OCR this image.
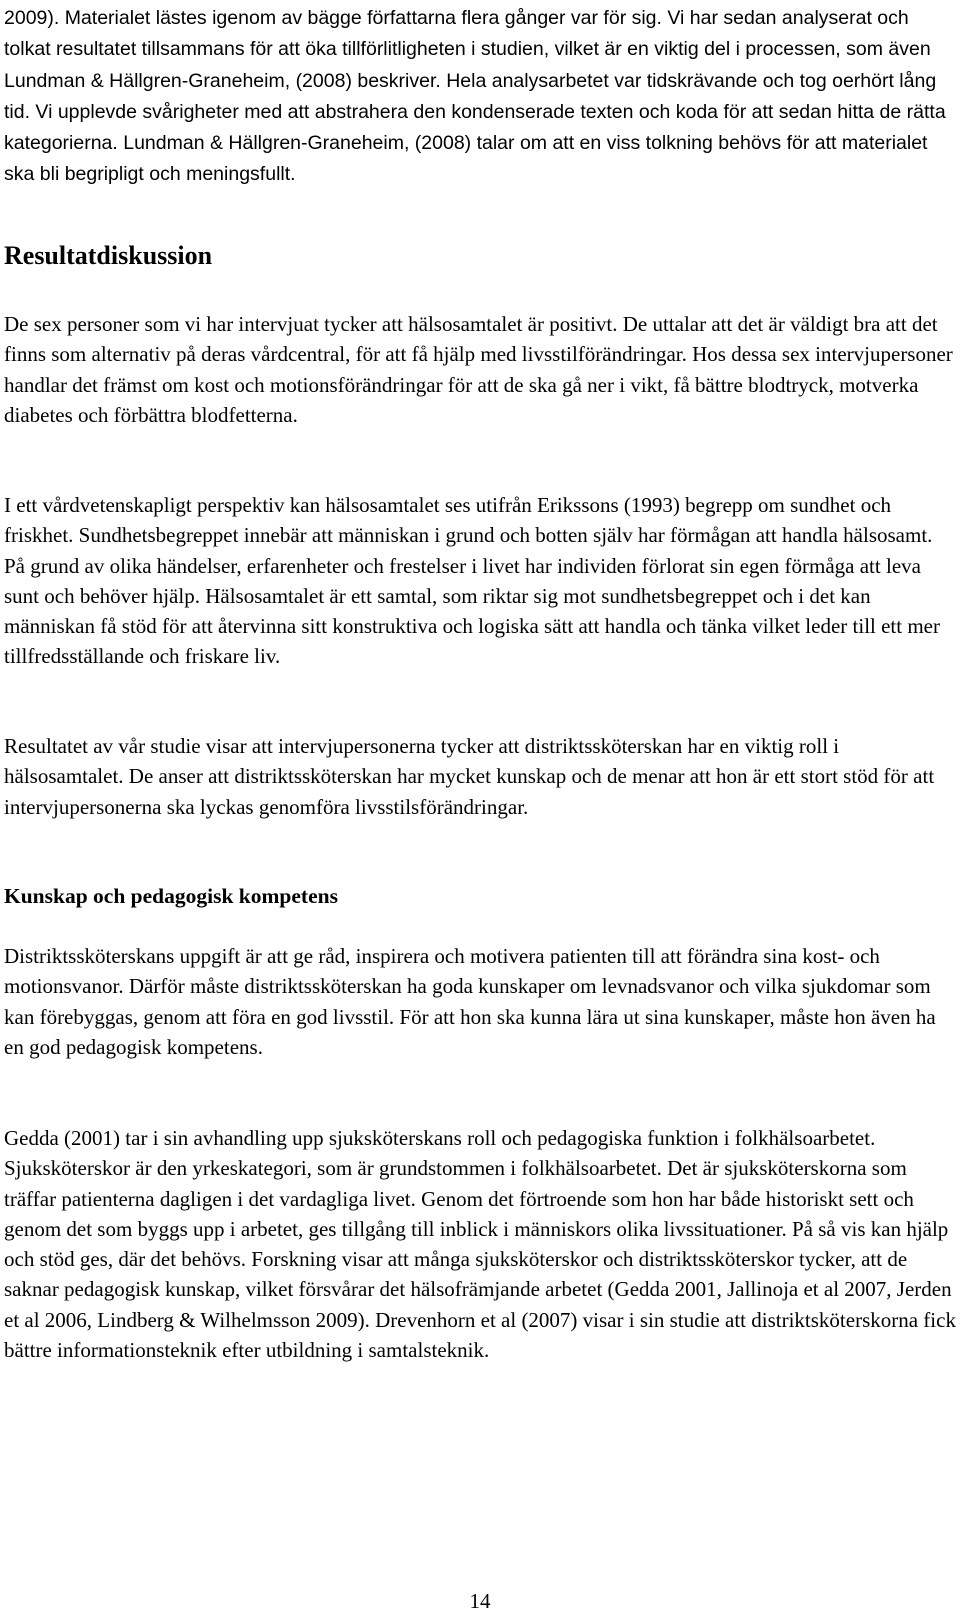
2009). Materialet lästes igenom av bägge författarna flera gånger var för sig. Vi har sedan analyserat och tolkat resultatet tillsammans för att öka tillförlitligheten i studien, vilket är en viktig del i processen, som även Lundman & Hällgren-Graneheim, (2008) beskriver. Hela analysarbetet var tidskrävande och tog oerhört lång tid. Vi upplevde svårigheter med att abstrahera den kondenserade texten och koda för att sedan hitta de rätta kategorierna. Lundman & Hällgren-Graneheim, (2008) talar om att en viss tolkning behövs för att materialet ska bli begripligt och meningsfullt.

Resultatdiskussion

De sex personer som vi har intervjuat tycker att hälsosamtalet är positivt. De uttalar att det är väldigt bra att det finns som alternativ på deras vårdcentral, för att få hjälp med livsstilförändringar. Hos dessa sex intervjupersoner handlar det främst om kost och motionsförändringar för att de ska gå ner i vikt, få bättre blodtryck, motverka diabetes och förbättra blodfetterna.

I ett vårdvetenskapligt perspektiv kan hälsosamtalet ses utifrån Erikssons (1993) begrepp om sundhet och friskhet. Sundhetsbegreppet innebär att människan i grund och botten själv har förmågan att handla hälsosamt. På grund av olika händelser, erfarenheter och frestelser i livet har individen förlorat sin egen förmåga att leva sunt och behöver hjälp. Hälsosamtalet är ett samtal, som riktar sig mot sundhetsbegreppet och i det kan människan få stöd för att återvinna sitt konstruktiva och logiska sätt att handla och tänka vilket leder till ett mer tillfredsställande och friskare liv.

Resultatet av vår studie visar att intervjupersonerna tycker att distriktssköterskan har en viktig roll i hälsosamtalet. De anser att distriktssköterskan har mycket kunskap och de menar att hon är ett stort stöd för att intervjupersonerna ska lyckas genomföra livsstilsförändringar.

Kunskap och pedagogisk kompetens

Distriktssköterskans uppgift är att ge råd, inspirera och motivera patienten till att förändra sina kost- och motionsvanor. Därför måste distriktssköterskan ha goda kunskaper om levnadsvanor och vilka sjukdomar som kan förebyggas, genom att föra en god livsstil. För att hon ska kunna lära ut sina kunskaper, måste hon även ha en god pedagogisk kompetens.

Gedda (2001) tar i sin avhandling upp sjuksköterskans roll och pedagogiska funktion i folkhälsoarbetet. Sjuksköterskor är den yrkeskategori, som är grundstommen i folkhälsoarbetet. Det är sjuksköterskorna som träffar patienterna dagligen i det vardagliga livet. Genom det förtroende som hon har både historiskt sett och genom det som byggs upp i arbetet, ges tillgång till inblick i människors olika livssituationer. På så vis kan hjälp och stöd ges, där det behövs. Forskning visar att många sjuksköterskor och distriktssköterskor tycker, att de saknar pedagogisk kunskap, vilket försvårar det hälsofrämjande arbetet (Gedda 2001, Jallinoja et al 2007, Jerden et al 2006, Lindberg & Wilhelmsson 2009). Drevenhorn et al (2007) visar i sin studie att distriktsköterskorna fick bättre informationsteknik efter utbildning i samtalsteknik.

14
